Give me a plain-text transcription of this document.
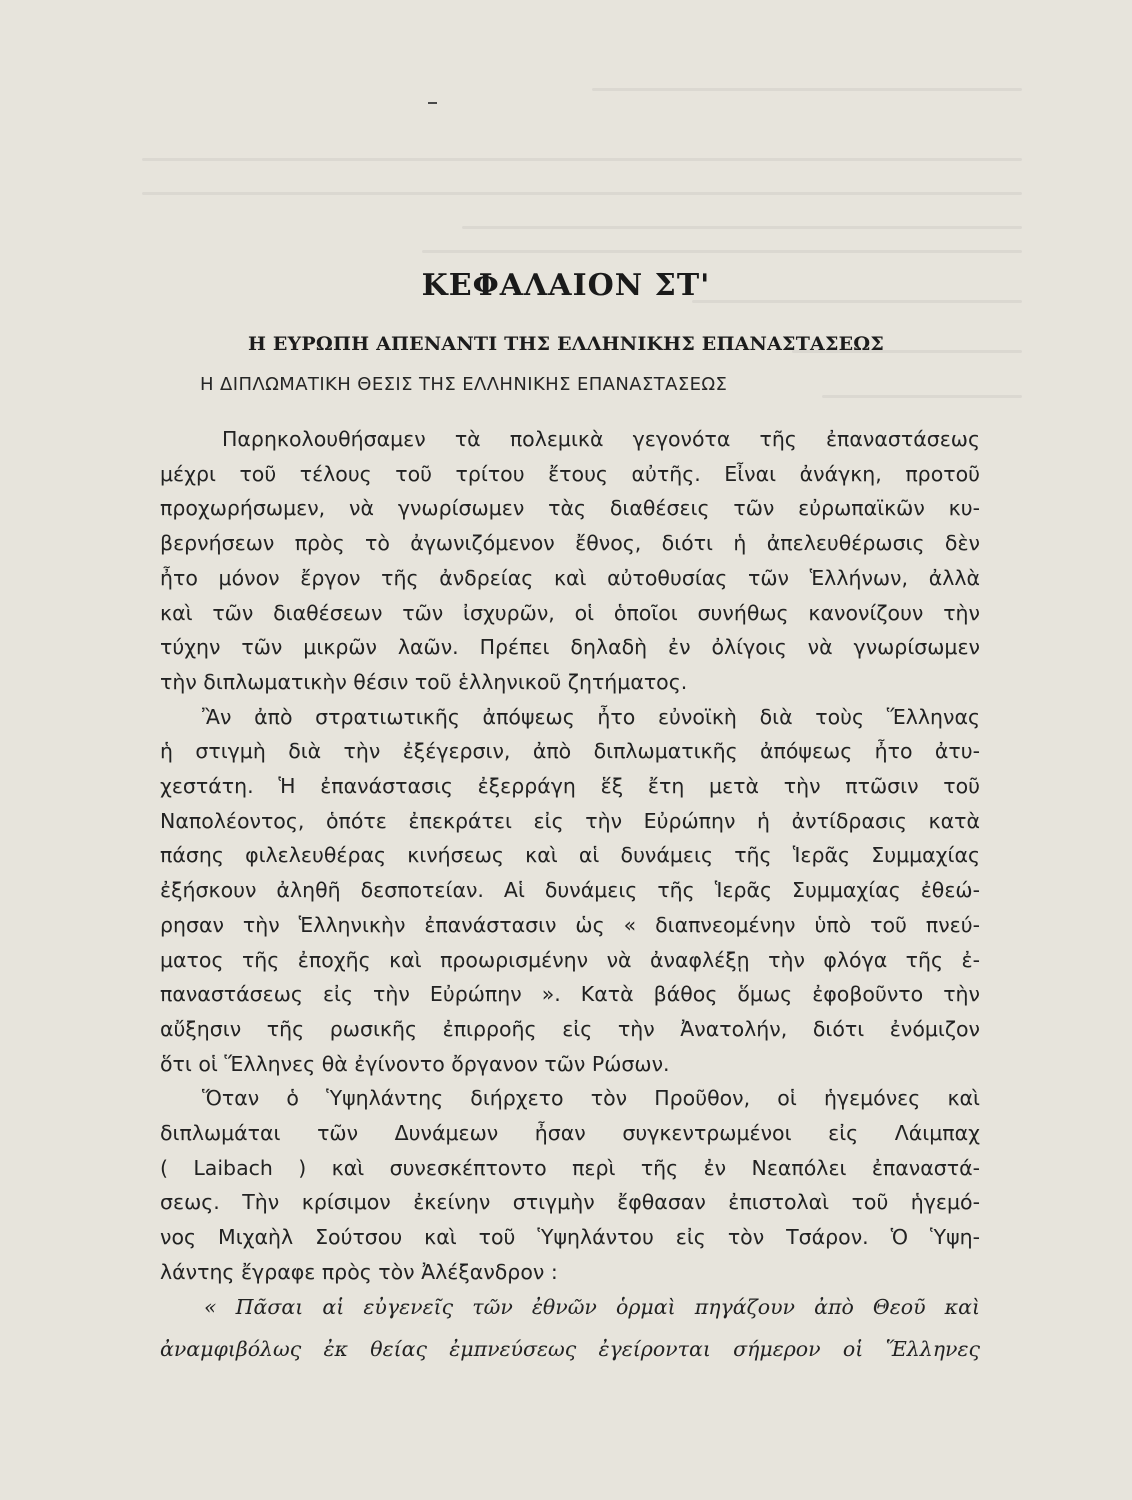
ΚΕΦΑΛΑΙΟΝ ΣΤ'
Η ΕΥΡΩΠΗ ΑΠΕΝΑΝΤΙ ΤΗΣ ΕΛΛΗΝΙΚΗΣ ΕΠΑΝΑΣΤΑΣΕΩΣ
Η ΔΙΠΛΩΜΑΤΙΚΗ ΘΕΣΙΣ ΤΗΣ ΕΛΛΗΝΙΚΗΣ ΕΠΑΝΑΣΤΑΣΕΩΣ
Παρηκολουθήσαμεν τὰ πολεμικὰ γεγονότα τῆς ἐπαναστάσεως
μέχρι τοῦ τέλους τοῦ τρίτου ἔτους αὐτῆς. Εἶναι ἀνάγκη, προτοῦ
προχωρήσωμεν, νὰ γνωρίσωμεν τὰς διαθέσεις τῶν εὐρωπαϊκῶν κυ-
βερνήσεων πρὸς τὸ ἀγωνιζόμενον ἔθνος, διότι ἡ ἀπελευθέρωσις δὲν
ἦτο μόνον ἔργον τῆς ἀνδρείας καὶ αὐτοθυσίας τῶν Ἑλλήνων, ἀλλὰ
καὶ τῶν διαθέσεων τῶν ἰσχυρῶν, οἱ ὁποῖοι συνήθως κανονίζουν τὴν
τύχην τῶν μικρῶν λαῶν. Πρέπει δηλαδὴ ἐν ὀλίγοις νὰ γνωρίσωμεν
τὴν διπλωματικὴν θέσιν τοῦ ἑλληνικοῦ ζητήματος.
Ἂν ἀπὸ στρατιωτικῆς ἀπόψεως ἦτο εὐνοϊκὴ διὰ τοὺς Ἕλληνας
ἡ στιγμὴ διὰ τὴν ἐξέγερσιν, ἀπὸ διπλωματικῆς ἀπόψεως ἦτο ἀτυ-
χεστάτη. Ἡ ἐπανάστασις ἐξερράγη ἕξ ἔτη μετὰ τὴν πτῶσιν τοῦ
Ναπολέοντος, ὁπότε ἐπεκράτει εἰς τὴν Εὐρώπην ἡ ἀντίδρασις κατὰ
πάσης φιλελευθέρας κινήσεως καὶ αἱ δυνάμεις τῆς Ἱερᾶς Συμμαχίας
ἐξήσκουν ἀληθῆ δεσποτείαν. Αἱ δυνάμεις τῆς Ἱερᾶς Συμμαχίας ἐθεώ-
ρησαν τὴν Ἑλληνικὴν ἐπανάστασιν ὡς « διαπνεομένην ὑπὸ τοῦ πνεύ-
ματος τῆς ἐποχῆς καὶ προωρισμένην νὰ ἀναφλέξῃ τὴν φλόγα τῆς ἐ-
παναστάσεως εἰς τὴν Εὐρώπην ». Κατὰ βάθος ὅμως ἐφοβοῦντο τὴν
αὔξησιν τῆς ρωσικῆς ἐπιρροῆς εἰς τὴν Ἀνατολήν, διότι ἐνόμιζον
ὅτι οἱ Ἕλληνες θὰ ἐγίνοντο ὄργανον τῶν Ρώσων.
Ὅταν ὁ Ὑψηλάντης διήρχετο τὸν Προῦθον, οἱ ἡγεμόνες καὶ
διπλωμάται τῶν Δυνάμεων ἦσαν συγκεντρωμένοι εἰς Λάιμπαχ
( Laibach ) καὶ συνεσκέπτοντο περὶ τῆς ἐν Νεαπόλει ἐπαναστά-
σεως. Τὴν κρίσιμον ἐκείνην στιγμὴν ἔφθασαν ἐπιστολαὶ τοῦ ἡγεμό-
νος Μιχαὴλ Σούτσου καὶ τοῦ Ὑψηλάντου εἰς τὸν Τσάρον. Ὁ Ὑψη-
λάντης ἔγραφε πρὸς τὸν Ἀλέξανδρον :
« Πᾶσαι αἱ εὐγενεῖς τῶν ἐθνῶν ὁρμαὶ πηγάζουν ἀπὸ Θεοῦ καὶ
ἀναμφιβόλως ἐκ θείας ἐμπνεύσεως ἐγείρονται σήμερον οἱ Ἕλληνες
